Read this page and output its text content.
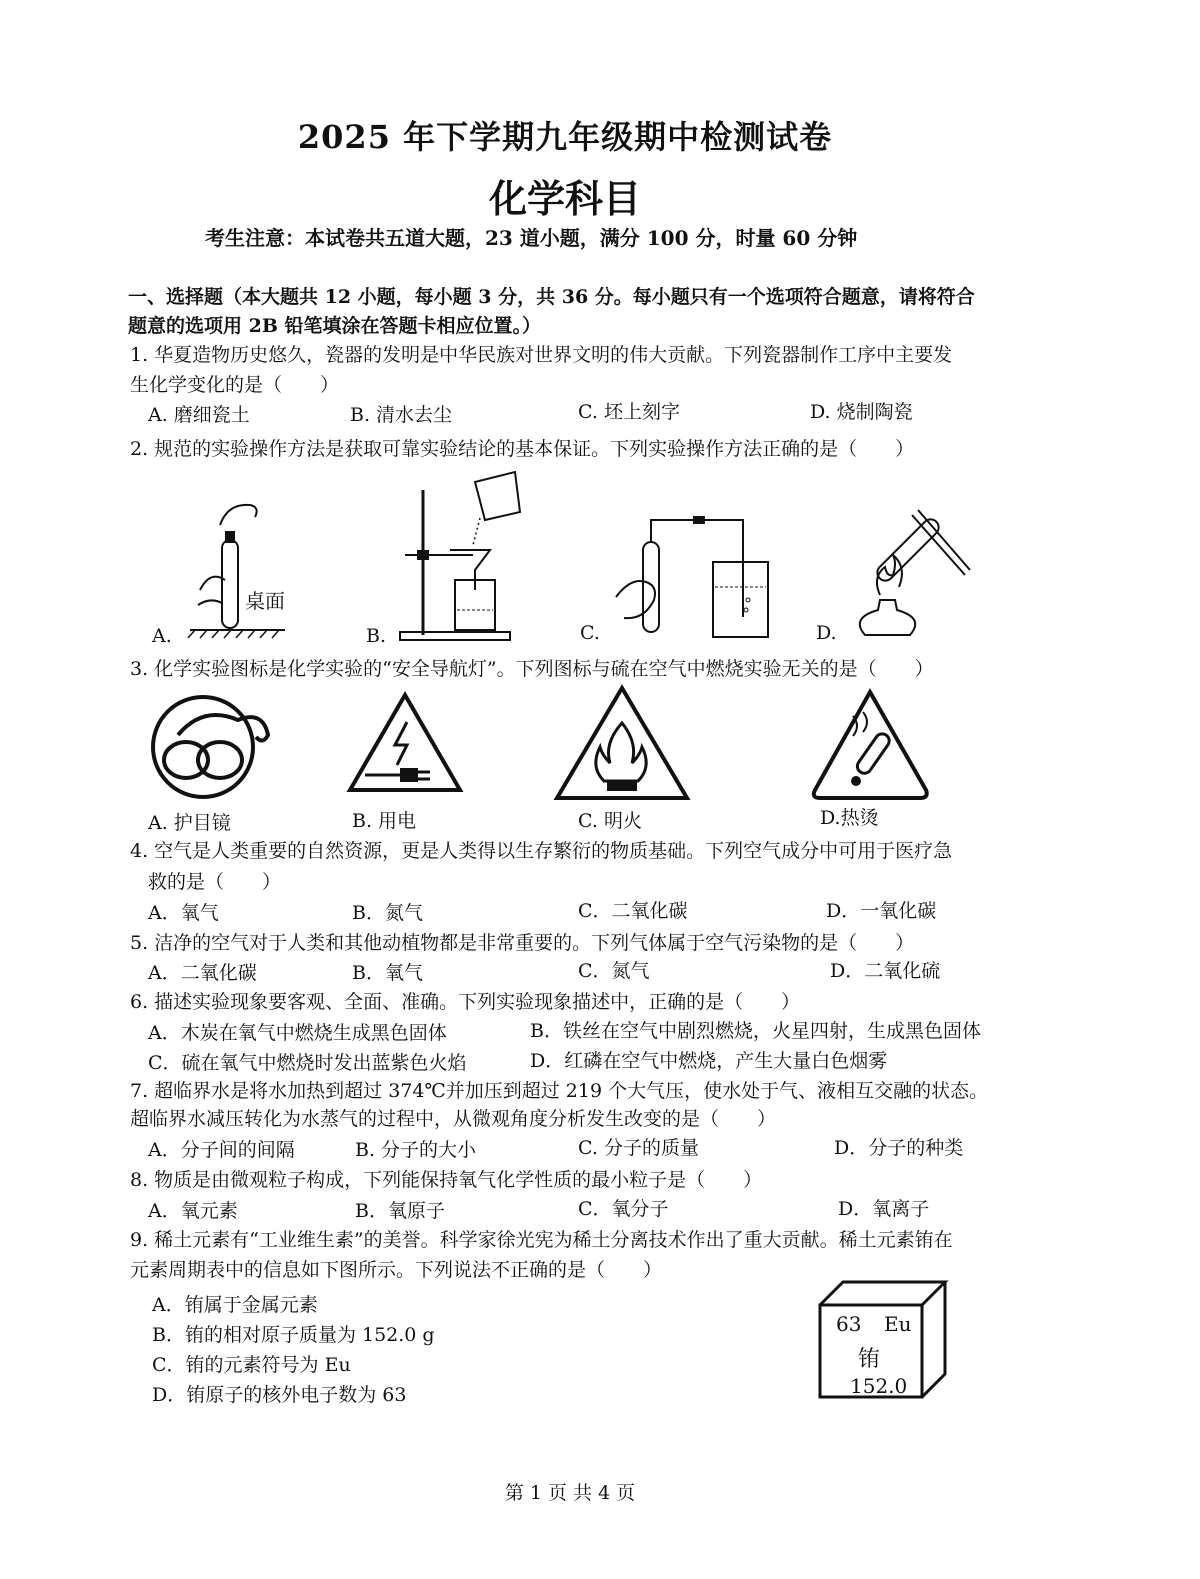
2025 年下学期九年级期中检测试卷
化学科目
考生注意：本试卷共五道大题，23 道小题，满分 100 分，时量 60 分钟
一、选择题（本大题共 12 小题，每小题 3 分，共 36 分。每小题只有一个选项符合题意，请将符合
题意的选项用 2B 铅笔填涂在答题卡相应位置。）
1. 华夏造物历史悠久，瓷器的发明是中华民族对世界文明的伟大贡献。下列瓷器制作工序中主要发
生化学变化的是（　　）
A. 磨细瓷土	B. 清水去尘	C. 坯上刻字	D. 烧制陶瓷
2. 规范的实验操作方法是获取可靠实验结论的基本保证。下列实验操作方法正确的是（　　）
桌面
A.	B.	C.	D.
3. 化学实验图标是化学实验的“安全导航灯”。下列图标与硫在空气中燃烧实验无关的是（　　）
A. 护目镜	B. 用电	C. 明火	D.热烫
4. 空气是人类重要的自然资源，更是人类得以生存繁衍的物质基础。下列空气成分中可用于医疗急
救的是（　　）
A．氧气	B．氮气	C．二氧化碳	D．一氧化碳
5. 洁净的空气对于人类和其他动植物都是非常重要的。下列气体属于空气污染物的是（　　）
A．二氧化碳	B．氧气	C．氮气	D．二氧化硫
6. 描述实验现象要客观、全面、准确。下列实验现象描述中，正确的是（　　）
A．木炭在氧气中燃烧生成黑色固体	B．铁丝在空气中剧烈燃烧，火星四射，生成黑色固体
C．硫在氧气中燃烧时发出蓝紫色火焰	D．红磷在空气中燃烧，产生大量白色烟雾
7. 超临界水是将水加热到超过 374℃并加压到超过 219 个大气压，使水处于气、液相互交融的状态。
超临界水减压转化为水蒸气的过程中，从微观角度分析发生改变的是（　　）
A．分子间的间隔	B. 分子的大小	C. 分子的质量	D．分子的种类
8. 物质是由微观粒子构成，下列能保持氧气化学性质的最小粒子是（　　）
A．氧元素	B．氧原子	C．氧分子	D．氧离子
9. 稀土元素有“工业维生素”的美誉。科学家徐光宪为稀土分离技术作出了重大贡献。稀土元素铕在
元素周期表中的信息如下图所示。下列说法不正确的是（　　）
A．铕属于金属元素
B．铕的相对原子质量为 152.0 g
C．铕的元素符号为 Eu
D．铕原子的核外电子数为 63
63 Eu
铕
152.0
第 1 页 共 4 页
